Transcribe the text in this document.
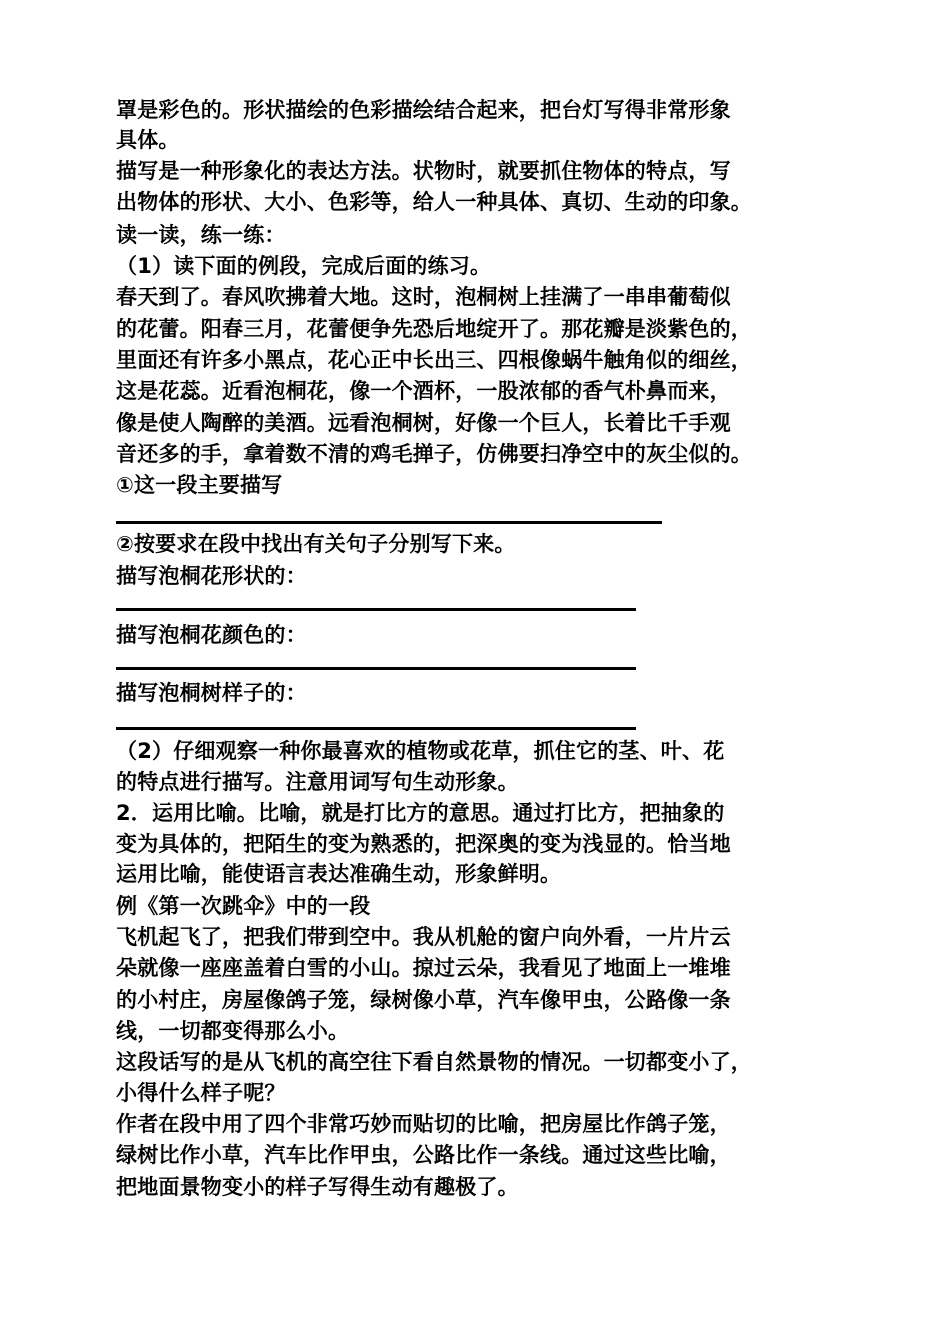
罩是彩色的。形状描绘的色彩描绘结合起来，把台灯写得非常形象
具体。
描写是一种形象化的表达方法。状物时，就要抓住物体的特点，写
出物体的形状、大小、色彩等，给人一种具体、真切、生动的印象。
读一读，练一练：
（1）读下面的例段，完成后面的练习。
春天到了。春风吹拂着大地。这时，泡桐树上挂满了一串串葡萄似
的花蕾。阳春三月，花蕾便争先恐后地绽开了。那花瓣是淡紫色的，
里面还有许多小黑点，花心正中长出三、四根像蜗牛触角似的细丝，
这是花蕊。近看泡桐花，像一个酒杯，一股浓郁的香气朴鼻而来，
像是使人陶醉的美酒。远看泡桐树，好像一个巨人，长着比千手观
音还多的手，拿着数不清的鸡毛掸子，仿佛要扫净空中的灰尘似的。
①这一段主要描写
②按要求在段中找出有关句子分别写下来。
描写泡桐花形状的：
描写泡桐花颜色的：
描写泡桐树样子的：
（2）仔细观察一种你最喜欢的植物或花草，抓住它的茎、叶、花
的特点进行描写。注意用词写句生动形象。
2．运用比喻。比喻，就是打比方的意思。通过打比方，把抽象的
变为具体的，把陌生的变为熟悉的，把深奥的变为浅显的。恰当地
运用比喻，能使语言表达准确生动，形象鲜明。
例《第一次跳伞》中的一段
飞机起飞了，把我们带到空中。我从机舱的窗户向外看，一片片云
朵就像一座座盖着白雪的小山。掠过云朵，我看见了地面上一堆堆
的小村庄，房屋像鸽子笼，绿树像小草，汽车像甲虫，公路像一条
线，一切都变得那么小。
这段话写的是从飞机的高空往下看自然景物的情况。一切都变小了，
小得什么样子呢？
作者在段中用了四个非常巧妙而贴切的比喻，把房屋比作鸽子笼，
绿树比作小草，汽车比作甲虫，公路比作一条线。通过这些比喻，
把地面景物变小的样子写得生动有趣极了。
